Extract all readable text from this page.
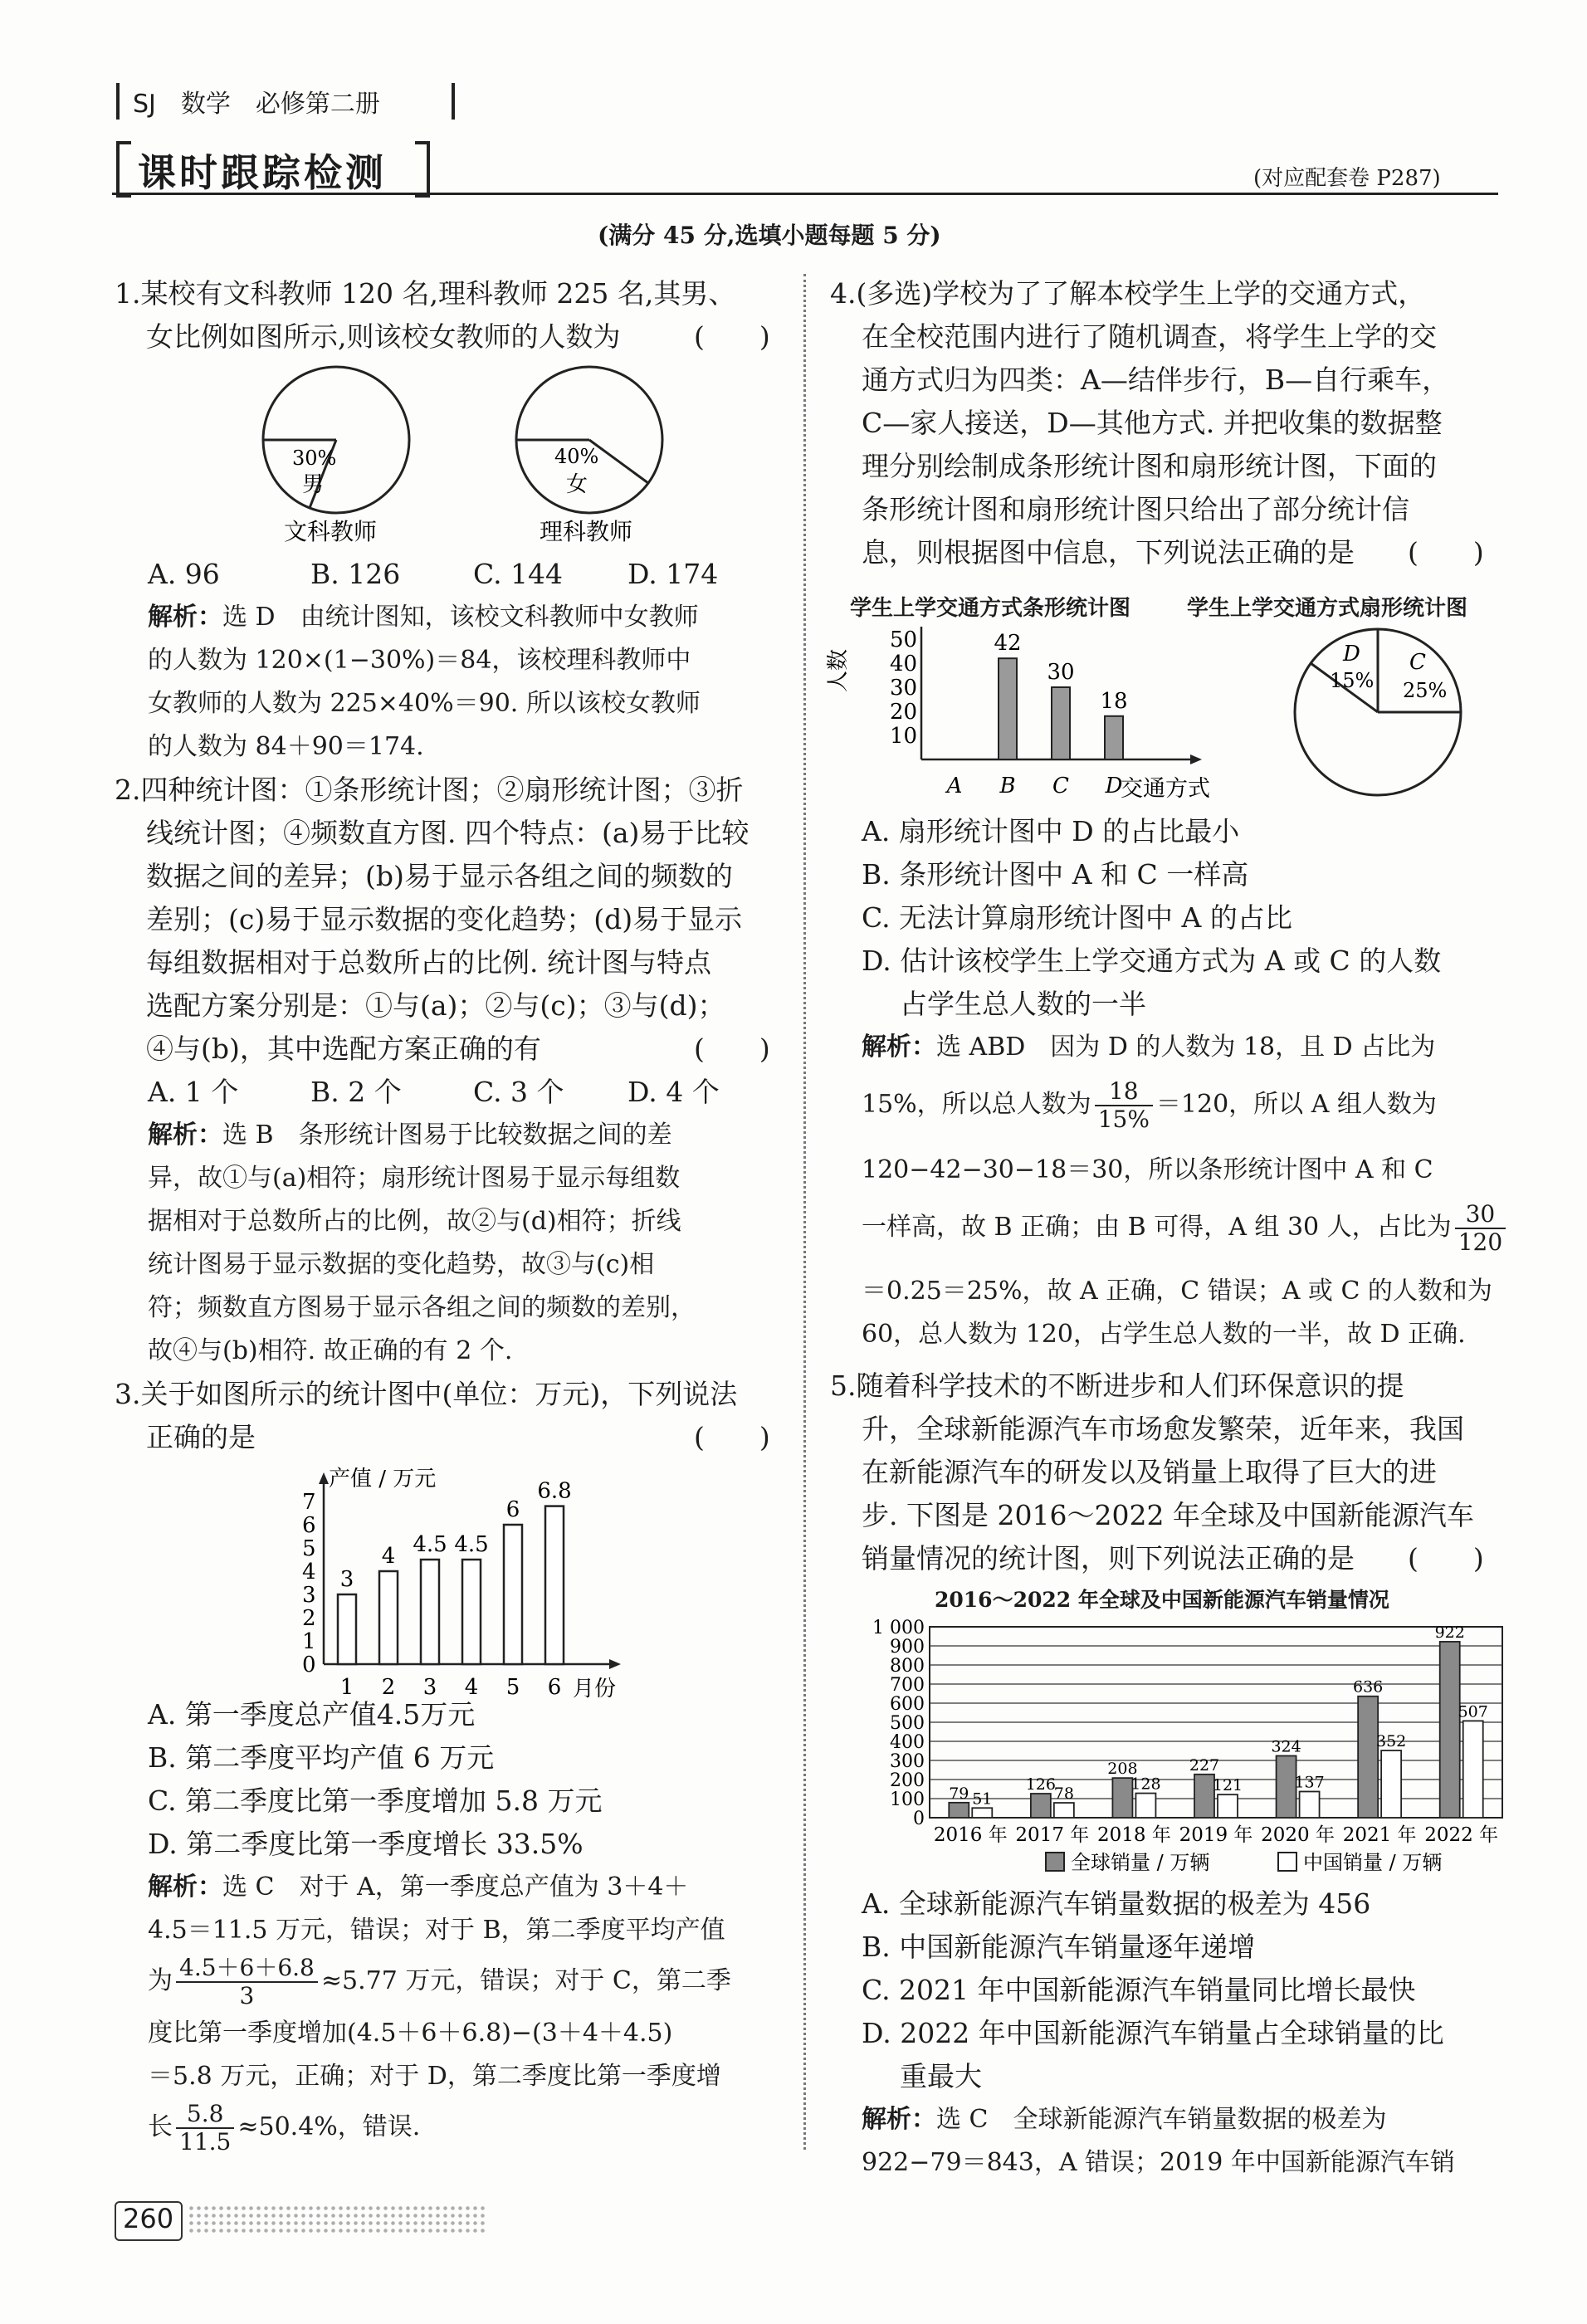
SJ　数学　必修第二册
课时跟踪检测	(对应配套卷 P287)
(满分 45 分,选填小题每题 5 分)
1.某校有文科教师 120 名,理科教师 225 名,其男、
女比例如图所示,则该校女教师的人数为	(　　)
30%
男
文科教师
40%
女
理科教师
A. 96	B. 126	C. 144 D. 174
解析：选 D　由统计图知，该校文科教师中女教师
的人数为 120×(1−30%)＝84，该校理科教师中
女教师的人数为 225×40%＝90. 所以该校女教师
的人数为 84＋90＝174.
2.四种统计图：①条形统计图；②扇形统计图；③折
线统计图；④频数直方图. 四个特点：(a)易于比较
数据之间的差异；(b)易于显示各组之间的频数的
差别；(c)易于显示数据的变化趋势；(d)易于显示
每组数据相对于总数所占的比例. 统计图与特点
选配方案分别是：①与(a)；②与(c)；③与(d)；
④与(b)，其中选配方案正确的有	(　　)
A. 1 个	B. 2 个	C. 3 个 D. 4 个
解析：选 B　条形统计图易于比较数据之间的差
异，故①与(a)相符；扇形统计图易于显示每组数
据相对于总数所占的比例，故②与(d)相符；折线
统计图易于显示数据的变化趋势，故③与(c)相
符；频数直方图易于显示各组之间的频数的差别，
故④与(b)相符. 故正确的有 2 个.
3.关于如图所示的统计图中(单位：万元)，下列说法
正确的是	(　　)
产值 / 万元
月份
0
1
2
3
4
5
6
7
3
1
4
2
4.5
3
4.5
4
6
5
6.8
6
A. 第一季度总产值4.5万元
B. 第二季度平均产值 6 万元
C. 第二季度比第一季度增加 5.8 万元
D. 第二季度比第一季度增长 33.5%
解析：选 C　对于 A，第一季度总产值为 3＋4＋
4.5＝11.5 万元，错误；对于 B，第二季度平均产值
为 $\frac{4.5+6+6.8}{3} \approx 5.77$ 万元，错误；对于 C，第二季
度比第一季度增加(4.5＋6＋6.8)−(3＋4＋4.5)
＝5.8 万元，正确；对于 D，第二季度比第一季度增
长 $\frac{5.8}{11.5} \approx 50.4\%$，错误.
4.(多选)学校为了了解本校学生上学的交通方式，
在全校范围内进行了随机调查，将学生上学的交
通方式归为四类：A—结伴步行，B—自行乘车，
C—家人接送，D—其他方式. 并把收集的数据整
理分别绘制成条形统计图和扇形统计图，下面的
条形统计图和扇形统计图只给出了部分统计信
息，则根据图中信息，下列说法正确的是 (　　)
学生上学交通方式条形统计图	学生上学交通方式扇形统计图
人数
交通方式
10
20
30
40
50
A
42
B
30
C
18
D
D
15%
C
25%
A. 扇形统计图中 D 的占比最小
B. 条形统计图中 A 和 C 一样高
C. 无法计算扇形统计图中 A 的占比
D. 估计该校学生上学交通方式为 A 或 C 的人数
占学生总人数的一半
解析：选 ABD　因为 D 的人数为 18，且 D 占比为
15%，所以总人数为 $\frac{18}{15\%} =120$，所以 A 组人数为
120−42−30−18＝30，所以条形统计图中 A 和 C
一样高，故 B 正确；由 B 可得，A 组 30 人，占比为 $\frac{30}{120}$
＝0.25＝25%，故 A 正确，C 错误；A 或 C 的人数和为
60，总人数为 120，占学生总人数的一半，故 D 正确.
5.随着科学技术的不断进步和人们环保意识的提
升，全球新能源汽车市场愈发繁荣，近年来，我国
在新能源汽车的研发以及销量上取得了巨大的进
步. 下图是 2016～2022 年全球及中国新能源汽车
销量情况的统计图，则下列说法正确的是 (　　)
2016～2022 年全球及中国新能源汽车销量情况
0
100
200
300
400
500
600
700
800
900
1 000
79 51
2016 年
126
78
2017 年
208
128
2018 年
227
121
2019 年
324
137
2020 年
636
352
2021 年
922
507
2022 年
全球销量 / 万辆	中国销量 / 万辆
A. 全球新能源汽车销量数据的极差为 456
B. 中国新能源汽车销量逐年递增
C. 2021 年中国新能源汽车销量同比增长最快
D. 2022 年中国新能源汽车销量占全球销量的比
重最大
解析：选 C　全球新能源汽车销量数据的极差为
922−79＝843，A 错误；2019 年中国新能源汽车销
260
